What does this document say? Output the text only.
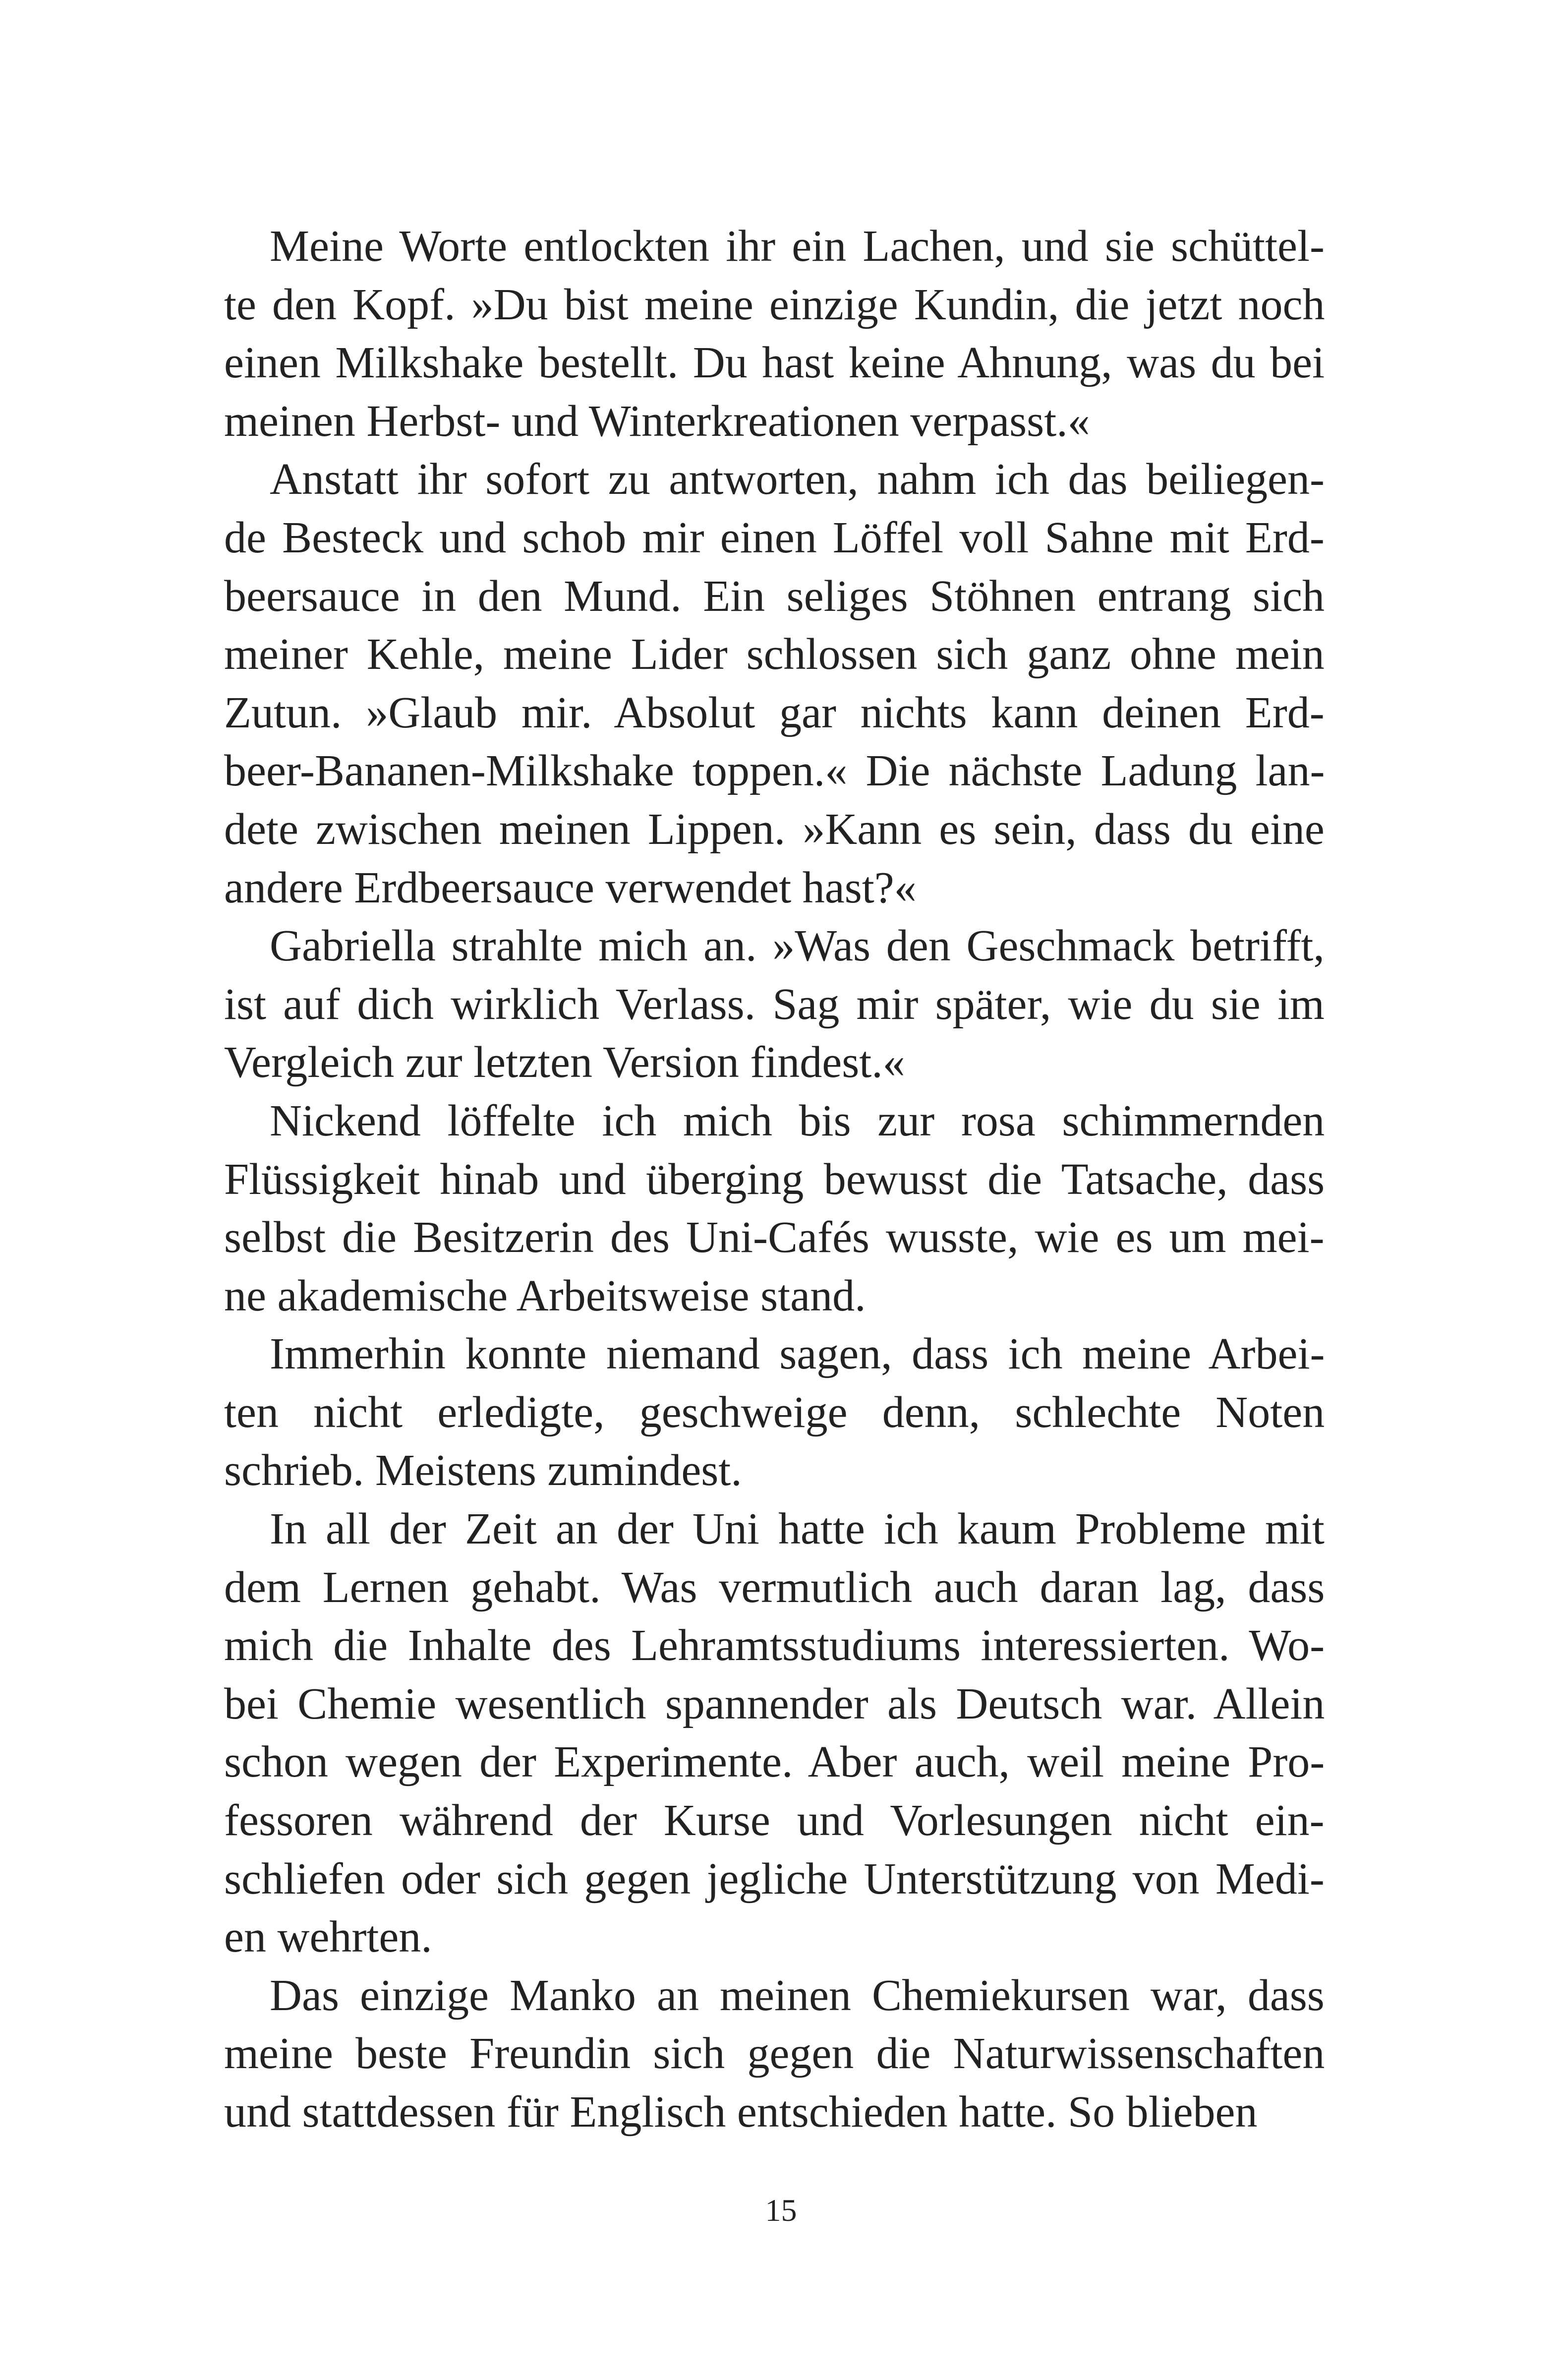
Meine Worte entlockten ihr ein Lachen, und sie schüttel-
te den Kopf. »Du bist meine einzige Kundin, die jetzt noch
einen Milkshake bestellt. Du hast keine Ahnung, was du bei
meinen Herbst- und Winterkreationen verpasst.«

Anstatt ihr sofort zu antworten, nahm ich das beiliegen-
de Besteck und schob mir einen Löffel voll Sahne mit Erd-
beersauce in den Mund. Ein seliges Stöhnen entrang sich
meiner Kehle, meine Lider schlossen sich ganz ohne mein
Zutun. »Glaub mir. Absolut gar nichts kann deinen Erd-
beer-Bananen-Milkshake toppen.« Die nächste Ladung lan-
dete zwischen meinen Lippen. »Kann es sein, dass du eine
andere Erdbeersauce verwendet hast?«

Gabriella strahlte mich an. »Was den Geschmack betrifft,
ist auf dich wirklich Verlass. Sag mir später, wie du sie im
Vergleich zur letzten Version findest.«

Nickend löffelte ich mich bis zur rosa schimmernden
Flüssigkeit hinab und überging bewusst die Tatsache, dass
selbst die Besitzerin des Uni-Cafés wusste, wie es um mei-
ne akademische Arbeitsweise stand.

Immerhin konnte niemand sagen, dass ich meine Arbei-
ten nicht erledigte, geschweige denn, schlechte Noten
schrieb. Meistens zumindest.

In all der Zeit an der Uni hatte ich kaum Probleme mit
dem Lernen gehabt. Was vermutlich auch daran lag, dass
mich die Inhalte des Lehramtsstudiums interessierten. Wo-
bei Chemie wesentlich spannender als Deutsch war. Allein
schon wegen der Experimente. Aber auch, weil meine Pro-
fessoren während der Kurse und Vorlesungen nicht ein-
schliefen oder sich gegen jegliche Unterstützung von Medi-
en wehrten.

Das einzige Manko an meinen Chemiekursen war, dass
meine beste Freundin sich gegen die Naturwissenschaften
und stattdessen für Englisch entschieden hatte. So blieben

15
